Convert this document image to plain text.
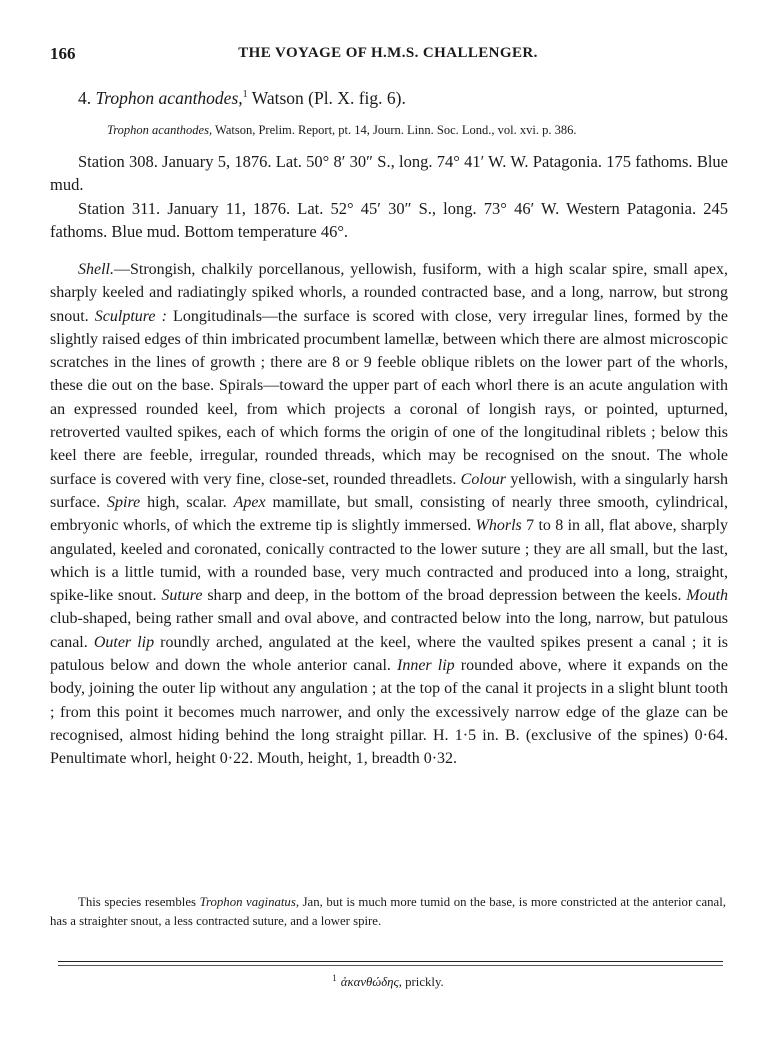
166	THE VOYAGE OF H.M.S. CHALLENGER.
4. Trophon acanthodes,$^1$ Watson (Pl. X. fig. 6).
Trophon acanthodes, Watson, Prelim. Report, pt. 14, Journ. Linn. Soc. Lond., vol. xvi. p. 386.

Station 308. January 5, 1876. Lat. 50° 8′ 30″ S., long. 74° 41′ W. W. Patagonia. 175 fathoms. Blue mud.

Station 311. January 11, 1876. Lat. 52° 45′ 30″ S., long. 73° 46′ W. Western Patagonia. 245 fathoms. Blue mud. Bottom temperature 46°.

Shell.—Strongish, chalkily porcellanous, yellowish, fusiform, with a high scalar spire, small apex, sharply keeled and radiatingly spiked whorls, a rounded contracted base, and a long, narrow, but strong snout. Sculpture : Longitudinals—the surface is scored with close, very irregular lines, formed by the slightly raised edges of thin imbricated procumbent lamellæ, between which there are almost microscopic scratches in the lines of growth ; there are 8 or 9 feeble oblique riblets on the lower part of the whorls, these die out on the base. Spirals—toward the upper part of each whorl there is an acute angulation with an expressed rounded keel, from which projects a coronal of longish rays, or pointed, upturned, retroverted vaulted spikes, each of which forms the origin of one of the longitudinal riblets ; below this keel there are feeble, irregular, rounded threads, which may be recognised on the snout. The whole surface is covered with very fine, close-set, rounded threadlets. Colour yellowish, with a singularly harsh surface. Spire high, scalar. Apex mamillate, but small, consisting of nearly three smooth, cylindrical, embryonic whorls, of which the extreme tip is slightly immersed. Whorls 7 to 8 in all, flat above, sharply angulated, keeled and coronated, conically contracted to the lower suture ; they are all small, but the last, which is a little tumid, with a rounded base, very much contracted and produced into a long, straight, spike-like snout. Suture sharp and deep, in the bottom of the broad depression between the keels. Mouth club-shaped, being rather small and oval above, and contracted below into the long, narrow, but patulous canal. Outer lip roundly arched, angulated at the keel, where the vaulted spikes present a canal ; it is patulous below and down the whole anterior canal. Inner lip rounded above, where it expands on the body, joining the outer lip without any angulation ; at the top of the canal it projects in a slight blunt tooth ; from this point it becomes much narrower, and only the excessively narrow edge of the glaze can be recognised, almost hiding behind the long straight pillar. H. 1·5 in. B. (exclusive of the spines) 0·64. Penultimate whorl, height 0·22. Mouth, height, 1, breadth 0·32.

This species resembles Trophon vaginatus, Jan, but is much more tumid on the base, is more constricted at the anterior canal, has a straighter snout, a less contracted suture, and a lower spire.

$^1$ ἀκανθώδης, prickly.
